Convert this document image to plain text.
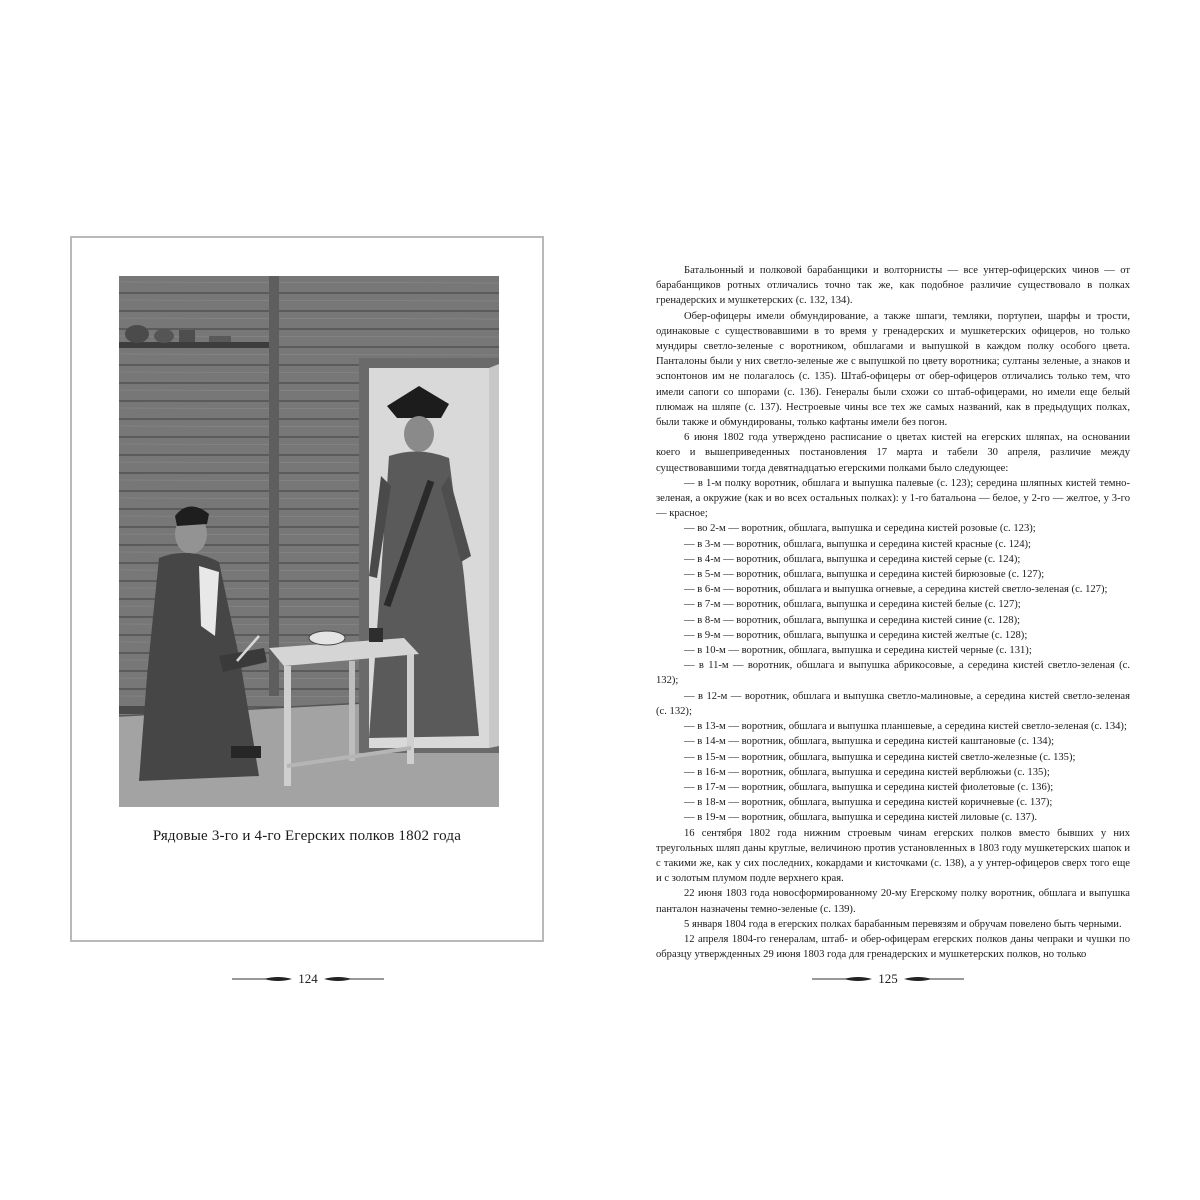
Рядовые 3-го и 4-го Егерских полков 1802 года
124

Батальонный и полковой барабанщики и волторнисты — все унтер-офицерских чинов — от барабанщиков ротных отличались точно так же, как подобное различие существовало в полках гренадерских и мушкетерских (с. 132, 134).

Обер-офицеры имели обмундирование, а также шпаги, темляки, портупеи, шарфы и трости, одинаковые с существовавшими в то время у гренадерских и мушкетерских офицеров, но только мундиры светло-зеленые с воротником, обшлагами и выпушкой в каждом полку особого цвета. Панталоны были у них светло-зеленые же с выпушкой по цвету воротника; султаны зеленые, а знаков и эспонтонов им не полагалось (с. 135). Штаб-офицеры от обер-офицеров отличались только тем, что имели сапоги со шпорами (с. 136). Генералы были схожи со штаб-офицерами, но имели еще белый плюмаж на шляпе (с. 137). Нестроевые чины все тех же самых названий, как в предыдущих полках, были также и обмундированы, только кафтаны имели без погон.

6 июня 1802 года утверждено расписание о цветах кистей на егерских шляпах, на основании коего и вышеприведенных постановления 17 марта и табели 30 апреля, различие между существовавшими тогда девятнадцатью егерскими полками было следующее:

— в 1-м полку воротник, обшлага и выпушка палевые (с. 123); середина шляпных кистей темно-зеленая, а окружие (как и во всех остальных полках): у 1-го батальона — белое, у 2-го — желтое, у 3-го — красное;

— во 2-м — воротник, обшлага, выпушка и середина кистей розовые (с. 123);

— в 3-м — воротник, обшлага, выпушка и середина кистей красные (с. 124);

— в 4-м — воротник, обшлага, выпушка и середина кистей серые (с. 124);

— в 5-м — воротник, обшлага, выпушка и середина кистей бирюзовые (с. 127);

— в 6-м — воротник, обшлага и выпушка огневые, а середина кистей светло-зеленая (с. 127);

— в 7-м — воротник, обшлага, выпушка и середина кистей белые (с. 127);

— в 8-м — воротник, обшлага, выпушка и середина кистей синие (с. 128);

— в 9-м — воротник, обшлага, выпушка и середина кистей желтые (с. 128);

— в 10-м — воротник, обшлага, выпушка и середина кистей черные (с. 131);

— в 11-м — воротник, обшлага и выпушка абрикосовые, а середина кистей светло-зеленая (с. 132);

— в 12-м — воротник, обшлага и выпушка светло-малиновые, а середина кистей светло-зеленая (с. 132);

— в 13-м — воротник, обшлага и выпушка планшевые, а середина кистей светло-зеленая (с. 134);

— в 14-м — воротник, обшлага, выпушка и середина кистей каштановые (с. 134);

— в 15-м — воротник, обшлага, выпушка и середина кистей светло-железные (с. 135);

— в 16-м — воротник, обшлага, выпушка и середина кистей верблюжьи (с. 135);

— в 17-м — воротник, обшлага, выпушка и середина кистей фиолетовые (с. 136);

— в 18-м — воротник, обшлага, выпушка и середина кистей коричневые (с. 137);

— в 19-м — воротник, обшлага, выпушка и середина кистей лиловые (с. 137).

16 сентября 1802 года нижним строевым чинам егерских полков вместо бывших у них треугольных шляп даны круглые, величиною против установленных в 1803 году мушкетерских шапок и с такими же, как у сих последних, кокардами и кисточками (с. 138), а у унтер-офицеров сверх того еще и с золотым плумом подле верхнего края.

22 июня 1803 года новосформированному 20-му Егерскому полку воротник, обшлага и выпушка панталон назначены темно-зеленые (с. 139).

5 января 1804 года в егерских полках барабанным перевязям и обручам повелено быть черными.

12 апреля 1804-го генералам, штаб- и обер-офицерам егерских полков даны чепраки и чушки по образцу утвержденных 29 июня 1803 года для гренадерских и мушкетерских полков, но только

125
